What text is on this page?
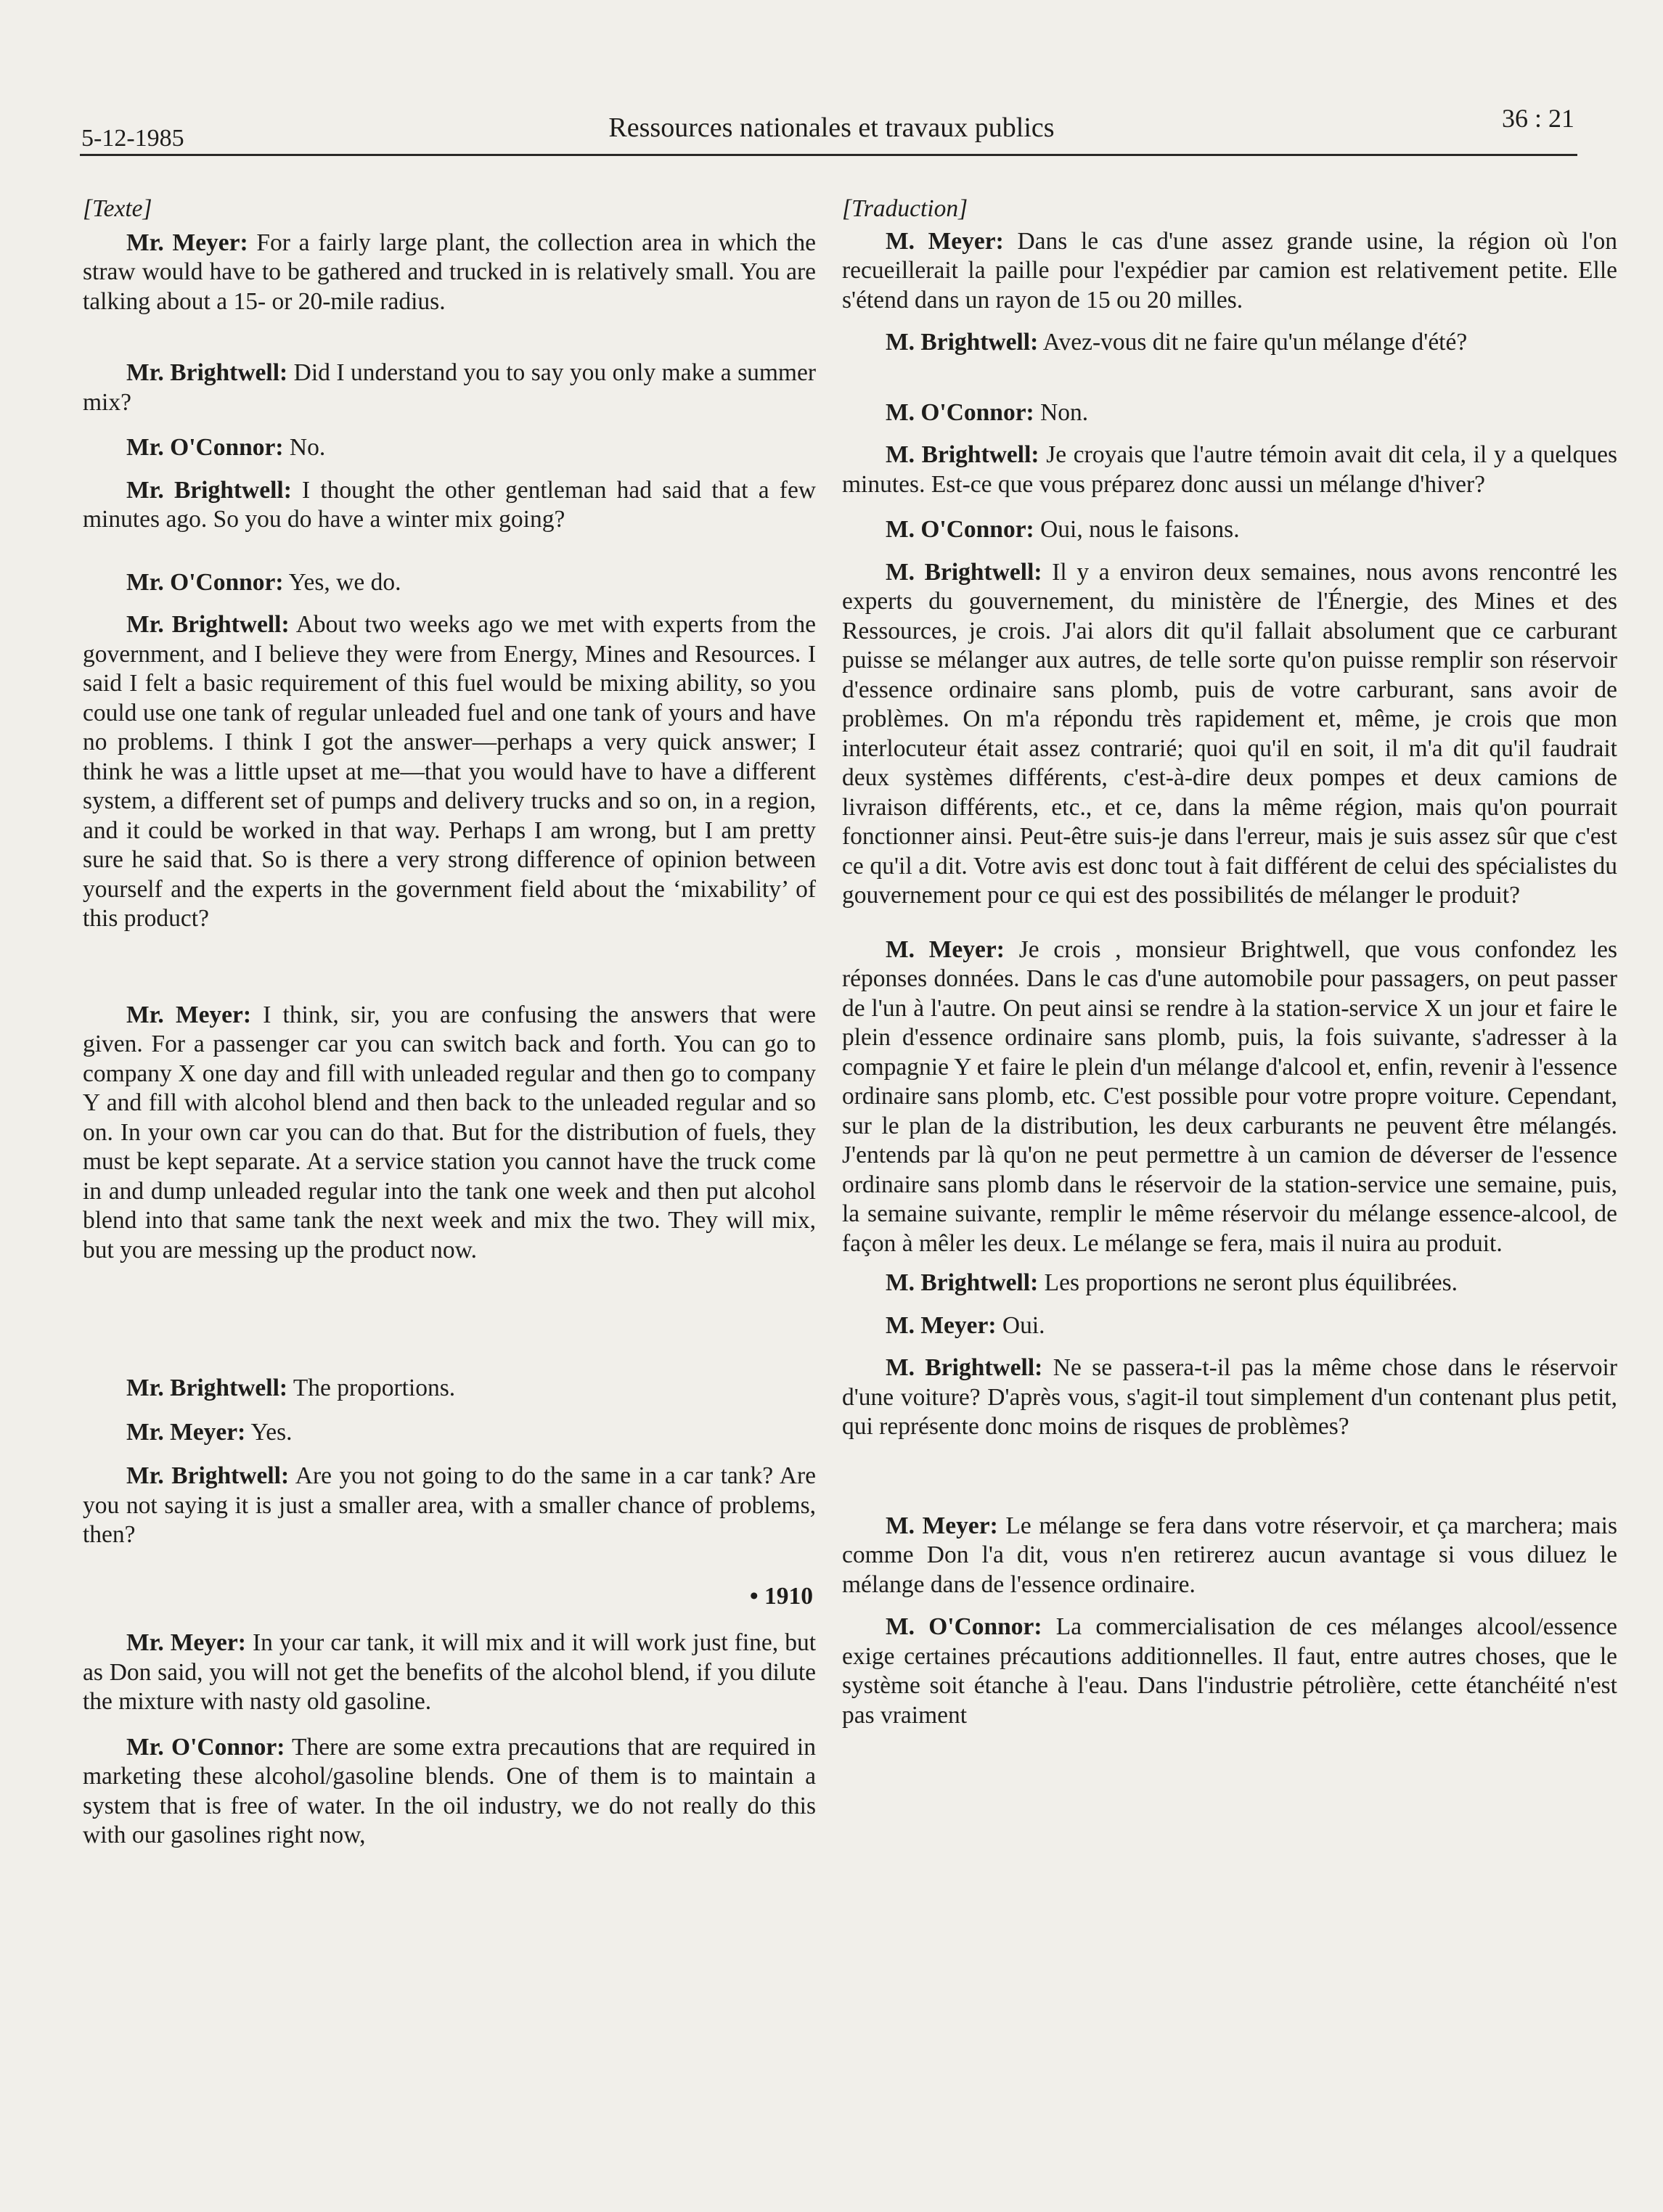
5-12-1985	Ressources nationales et travaux publics	36 : 21

[Texte]

Mr. Meyer: For a fairly large plant, the collection area in which the straw would have to be gathered and trucked in is relatively small. You are talking about a 15- or 20-mile radius.

Mr. Brightwell: Did I understand you to say you only make a summer mix?

Mr. O'Connor: No.

Mr. Brightwell: I thought the other gentleman had said that a few minutes ago. So you do have a winter mix going?

Mr. O'Connor: Yes, we do.

Mr. Brightwell: About two weeks ago we met with experts from the government, and I believe they were from Energy, Mines and Resources. I said I felt a basic requirement of this fuel would be mixing ability, so you could use one tank of regular unleaded fuel and one tank of yours and have no problems. I think I got the answer—perhaps a very quick answer; I think he was a little upset at me—that you would have to have a different system, a different set of pumps and delivery trucks and so on, in a region, and it could be worked in that way. Perhaps I am wrong, but I am pretty sure he said that. So is there a very strong difference of opinion between yourself and the experts in the government field about the ‘mixability’ of this product?

Mr. Meyer: I think, sir, you are confusing the answers that were given. For a passenger car you can switch back and forth. You can go to company X one day and fill with unleaded regular and then go to company Y and fill with alcohol blend and then back to the unleaded regular and so on. In your own car you can do that. But for the distribution of fuels, they must be kept separate. At a service station you cannot have the truck come in and dump unleaded regular into the tank one week and then put alcohol blend into that same tank the next week and mix the two. They will mix, but you are messing up the product now.

Mr. Brightwell: The proportions.

Mr. Meyer: Yes.

Mr. Brightwell: Are you not going to do the same in a car tank? Are you not saying it is just a smaller area, with a smaller chance of problems, then?

• 1910

Mr. Meyer: In your car tank, it will mix and it will work just fine, but as Don said, you will not get the benefits of the alcohol blend, if you dilute the mixture with nasty old gasoline.

Mr. O'Connor: There are some extra precautions that are required in marketing these alcohol/gasoline blends. One of them is to maintain a system that is free of water. In the oil industry, we do not really do this with our gasolines right now,

[Traduction]

M. Meyer: Dans le cas d'une assez grande usine, la région où l'on recueillerait la paille pour l'expédier par camion est relativement petite. Elle s'étend dans un rayon de 15 ou 20 milles.

M. Brightwell: Avez-vous dit ne faire qu'un mélange d'été?

M. O'Connor: Non.

M. Brightwell: Je croyais que l'autre témoin avait dit cela, il y a quelques minutes. Est-ce que vous préparez donc aussi un mélange d'hiver?

M. O'Connor: Oui, nous le faisons.

M. Brightwell: Il y a environ deux semaines, nous avons rencontré les experts du gouvernement, du ministère de l'Énergie, des Mines et des Ressources, je crois. J'ai alors dit qu'il fallait absolument que ce carburant puisse se mélanger aux autres, de telle sorte qu'on puisse remplir son réservoir d'essence ordinaire sans plomb, puis de votre carburant, sans avoir de problèmes. On m'a répondu très rapidement et, même, je crois que mon interlocuteur était assez contrarié; quoi qu'il en soit, il m'a dit qu'il faudrait deux systèmes différents, c'est-à-dire deux pompes et deux camions de livraison différents, etc., et ce, dans la même région, mais qu'on pourrait fonctionner ainsi. Peut-être suis-je dans l'erreur, mais je suis assez sûr que c'est ce qu'il a dit. Votre avis est donc tout à fait différent de celui des spécialistes du gouvernement pour ce qui est des possibilités de mélanger le produit?

M. Meyer: Je crois , monsieur Brightwell, que vous confondez les réponses données. Dans le cas d'une automobile pour passagers, on peut passer de l'un à l'autre. On peut ainsi se rendre à la station-service X un jour et faire le plein d'essence ordinaire sans plomb, puis, la fois suivante, s'adresser à la compagnie Y et faire le plein d'un mélange d'alcool et, enfin, revenir à l'essence ordinaire sans plomb, etc. C'est possible pour votre propre voiture. Cependant, sur le plan de la distribution, les deux carburants ne peuvent être mélangés. J'entends par là qu'on ne peut permettre à un camion de déverser de l'essence ordinaire sans plomb dans le réservoir de la station-service une semaine, puis, la semaine suivante, remplir le même réservoir du mélange essence-alcool, de façon à mêler les deux. Le mélange se fera, mais il nuira au produit.

M. Brightwell: Les proportions ne seront plus équilibrées.

M. Meyer: Oui.

M. Brightwell: Ne se passera-t-il pas la même chose dans le réservoir d'une voiture? D'après vous, s'agit-il tout simplement d'un contenant plus petit, qui représente donc moins de risques de problèmes?

M. Meyer: Le mélange se fera dans votre réservoir, et ça marchera; mais comme Don l'a dit, vous n'en retirerez aucun avantage si vous diluez le mélange dans de l'essence ordinaire.

M. O'Connor: La commercialisation de ces mélanges alcool/essence exige certaines précautions additionnelles. Il faut, entre autres choses, que le système soit étanche à l'eau. Dans l'industrie pétrolière, cette étanchéité n'est pas vraiment
